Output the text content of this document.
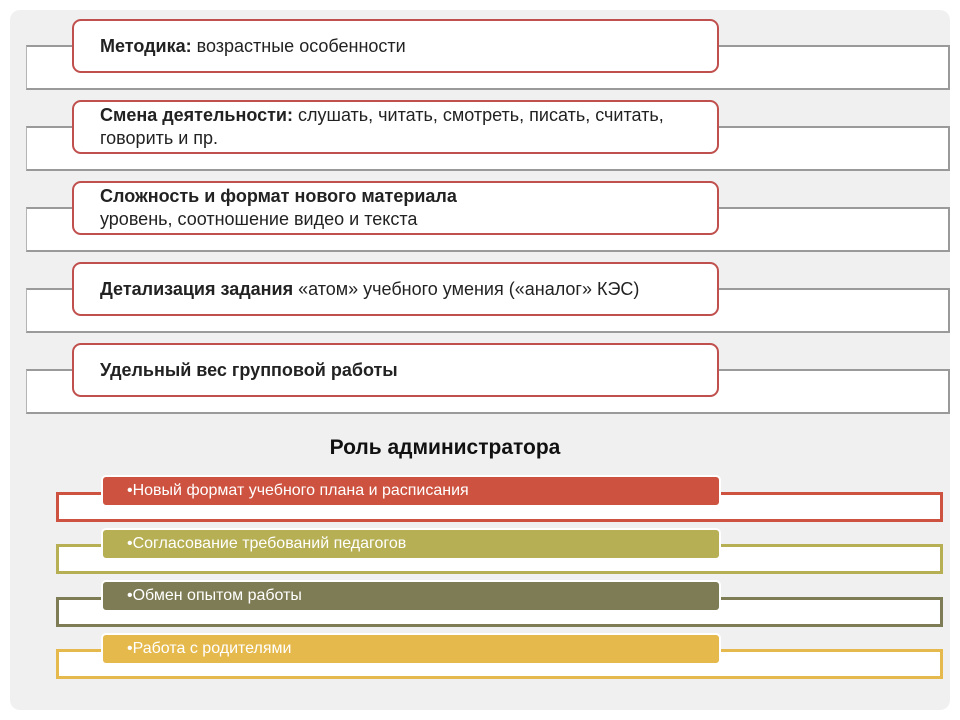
Методика: возрастные особенности
Смена деятельности: слушать, читать, смотреть, писать, считать, говорить и пр.
Сложность и формат нового материала
уровень, соотношение видео и текста
Детализация задания «атом» учебного умения («аналог» КЭС)
Удельный вес групповой работы
Роль администратора
•Новый формат учебного плана и расписания
•Согласование требований педагогов
•Обмен опытом работы
•Работа с родителями
